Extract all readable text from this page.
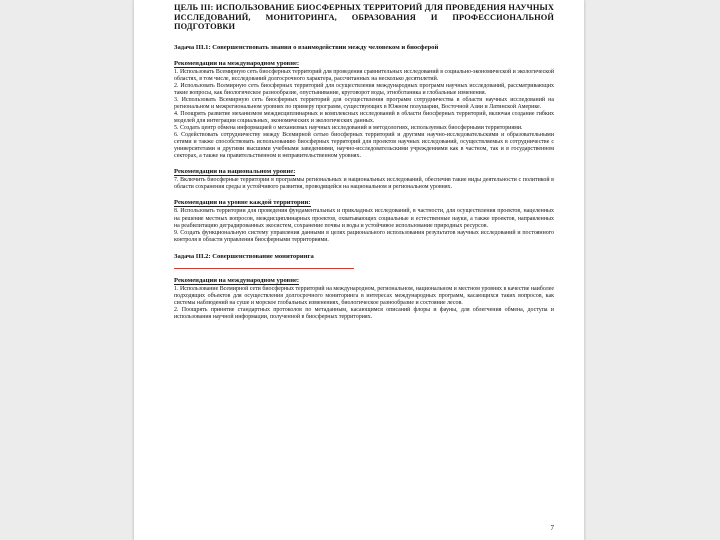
ЦЕЛЬ III: ИСПОЛЬЗОВАНИЕ БИОСФЕРНЫХ ТЕРРИТОРИЙ ДЛЯ ПРОВЕДЕНИЯ НАУЧНЫХ ИССЛЕДОВАНИЙ, МОНИТОРИНГА, ОБРАЗОВАНИЯ И ПРОФЕССИОНАЛЬНОЙ ПОДГОТОВКИ

Задача III.1: Совершенствовать знания о взаимодействии между человеком и биосферой

Рекомендации на международном уровне:

1. Использовать Всемирную сеть биосферных территорий для проведения сравнительных исследований в социально-экономической и экологической областях, в том числе, исследований долгосрочного характера, рассчитанных на несколько десятилетий.

2. Использовать Всемирную сеть биосферных территорий для осуществления международных программ научных исследований, рассматривающих такие вопросы, как биологическое разнообразие, опустынивание, круговорот воды, этноботаника и глобальные изменения.

3. Использовать Всемирную сеть биосферных территорий для осуществления программ сотрудничества в области научных исследований на региональном и межрегиональном уровнях по примеру программ, существующих в Южном полушарии, Восточной Азии и Латинской Америке.

4. Поощрять развитие механизмов междисциплинарных и комплексных исследований в области биосферных территорий, включая создание гибких моделей для интеграции социальных, экономических и экологических данных.

5. Создать центр обмена информацией о механизмах научных исследований и методологиях, используемых биосферными территориями.

6. Содействовать сотрудничеству между Всемирной сетью биосферных территорий и другими научно-исследовательскими и образовательными сетями и также способствовать использованию биосферных территорий для проектов научных исследований, осуществляемых в сотрудничестве с университетами и другими высшими учебными заведениями, научно-исследовательскими учреждениями как в частном, так и в государственном секторах, а также на правительственном и неправительственном уровнях.

Рекомендации на национальном уровне:

7. Включить биосферные территории в программы региональных и национальных исследований, обеспечив такие виды деятельности с политикой в области сохранения среды и устойчивого развития, проводящейся на национальном и региональном уровнях.

Рекомендации на уровне каждой территории:

8. Использовать территории для проведения фундаментальных и прикладных исследований, в частности, для осуществления проектов, нацеленных на решение местных вопросов, междисциплинарных проектов, охватывающих социальные и естественные науки, а также проектов, направленных на реабилитацию деградированных экосистем, сохранение почвы и воды и устойчивое использование природных ресурсов.

9. Создать функциональную систему управления данными в целях рационального использования результатов научных исследований и постоянного контроля в области управления биосферными территориями.

Задача III.2: Совершенствование мониторинга

Рекомендации на международном уровне:

1. Использование Всемирной сети биосферных территорий на международном, региональном, национальном и местном уровнях в качестве наиболее подходящих объектов для осуществления долгосрочного мониторинга в интересах международных программ, касающихся таких вопросов, как системы наблюдений на суше и морское глобальных изменениях, биологическое разнообразие и состояние лесов.

2. Поощрять принятие стандартных протоколов по метаданным, касающимся описаний флоры и фауны, для облегчения обмена, доступа и использования научной информации, полученной в биосферных территориях.

7
